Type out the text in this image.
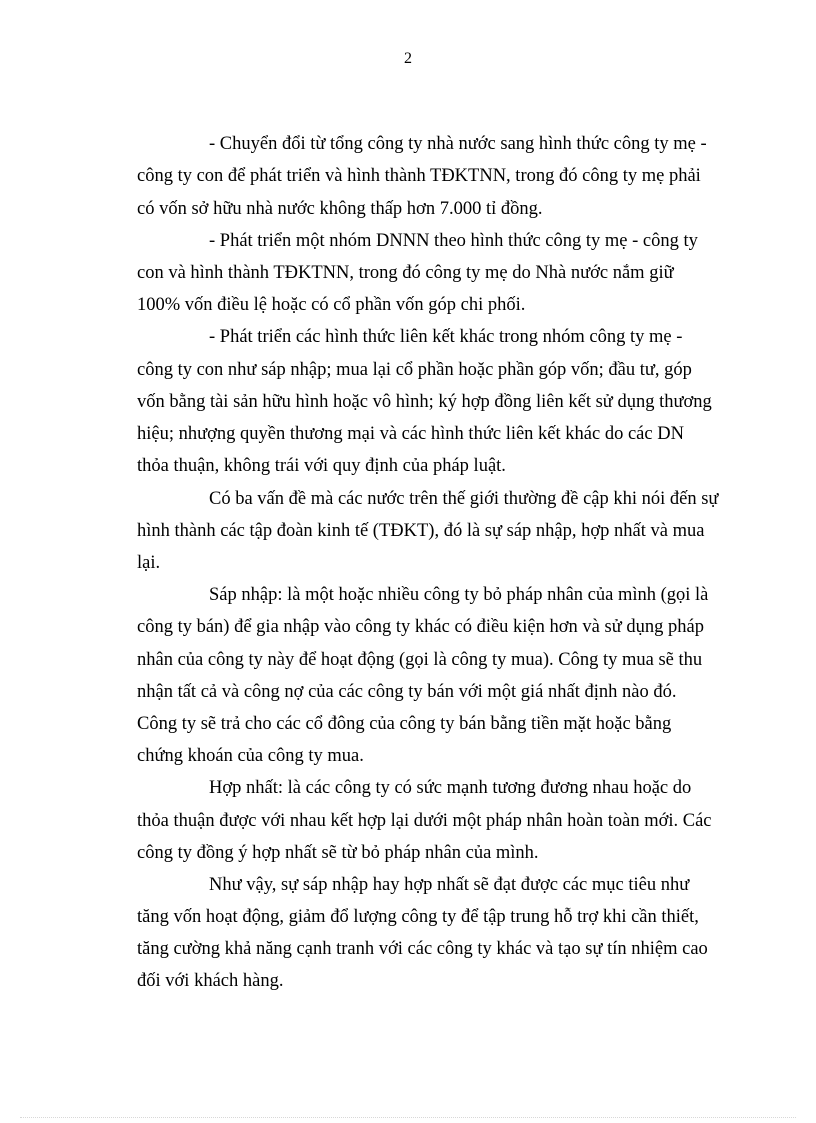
2
- Chuyển đổi từ tổng công ty nhà nước sang hình thức công ty mẹ -
công ty con để phát triển và hình thành TĐKTNN, trong đó công ty mẹ phải
có vốn sở hữu nhà nước không thấp hơn 7.000 tỉ đồng.
- Phát triển một nhóm DNNN theo hình thức công ty mẹ - công ty
con và hình thành TĐKTNN, trong đó công ty mẹ do Nhà nước nắm giữ
100% vốn điều lệ hoặc có cổ phần vốn góp chi phối.
- Phát triển các hình thức liên kết khác trong nhóm công ty mẹ -
công ty con như sáp nhập; mua lại cổ phần hoặc phần góp vốn; đầu tư, góp
vốn bằng tài sản hữu hình hoặc vô hình; ký hợp đồng liên kết sử dụng thương
hiệu; nhượng quyền thương mại và các hình thức liên kết khác do các DN
thỏa thuận, không trái với quy định của pháp luật.
Có ba vấn đề mà các nước trên thế giới thường đề cập khi nói đến sự
hình thành các tập đoàn kinh tế (TĐKT), đó là sự sáp nhập, hợp nhất và mua
lại.
Sáp nhập: là một hoặc nhiều công ty bỏ pháp nhân của mình (gọi là
công ty bán) để gia nhập vào công ty khác có điều kiện hơn và sử dụng pháp
nhân của công ty này để hoạt động (gọi là công ty mua). Công ty mua sẽ thu
nhận tất cả và công nợ của các công ty bán với một giá nhất định nào đó.
Công ty sẽ trả cho các cổ đông của công ty bán bằng tiền mặt hoặc bằng
chứng khoán của công ty mua.
Hợp nhất: là các công ty có sức mạnh tương đương nhau hoặc do
thỏa thuận được với nhau kết hợp lại dưới một pháp nhân hoàn toàn mới. Các
công ty đồng ý hợp nhất sẽ từ bỏ pháp nhân của mình.
Như vậy, sự sáp nhập hay hợp nhất sẽ đạt được các mục tiêu như
tăng vốn hoạt động, giảm đổ lượng công ty để tập trung hỗ trợ khi cần thiết,
tăng cường khả năng cạnh tranh với các công ty khác và tạo sự tín nhiệm cao
đối với khách hàng.
